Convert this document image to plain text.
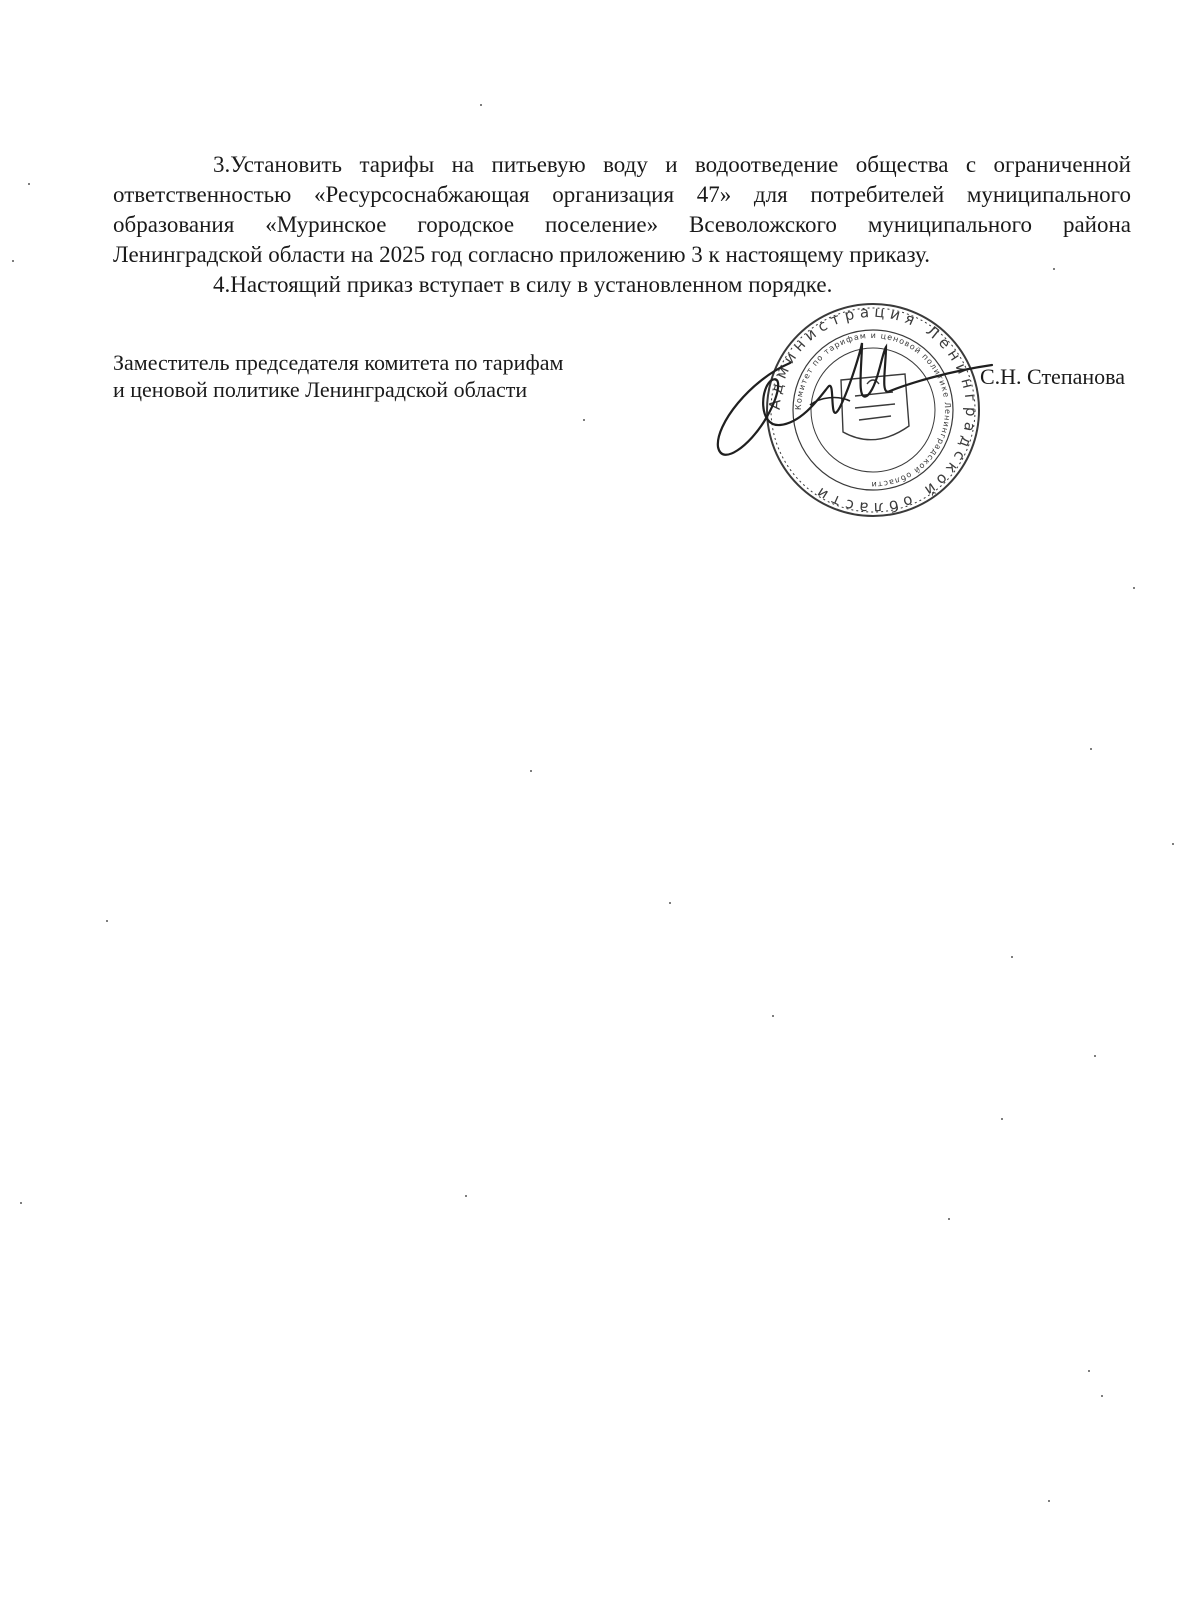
3.Установить тарифы на питьевую воду и водоотведение общества с ограниченной ответственностью «Ресурсоснабжающая организация 47» для потребителей муниципального образования «Муринское городское поселение» Всеволожского муниципального района Ленинградской области на 2025 год согласно приложению 3 к настоящему приказу.

4.Настоящий приказ вступает в силу в установленном порядке.

Заместитель председателя комитета по тарифам
и ценовой политике Ленинградской области
Администрация Ленинградской области
Комитет по тарифам и ценовой политике Ленинградской области
С.Н. Степанова
